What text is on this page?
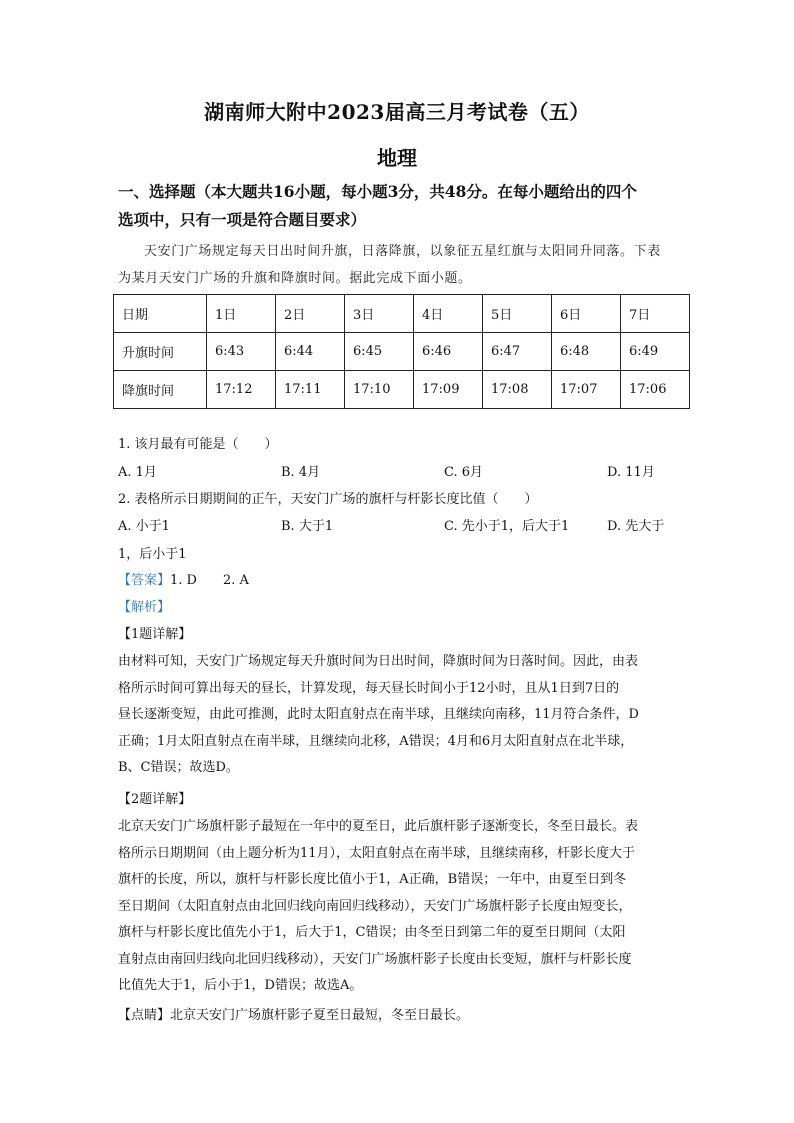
湖南师大附中2023届高三月考试卷（五）
地理
一、选择题（本大题共16小题，每小题3分，共48分。在每小题给出的四个
选项中，只有一项是符合题目要求）
天安门广场规定每天日出时间升旗，日落降旗，以象征五星红旗与太阳同升同落。下表
为某月天安门广场的升旗和降旗时间。据此完成下面小题。
日期	1日	2日	3日	4日	5日	6日	7日
升旗时间	6:43	6:44	6:45	6:46	6:47	6:48	6:49
降旗时间	17:12	17:11	17:10	17:09	17:08	17:07	17:06
1. 该月最有可能是（　　）
A. 1月	B. 4月	C. 6月	D. 11月
2. 表格所示日期期间的正午，天安门广场的旗杆与杆影长度比值（　　）
A. 小于1	B. 大于1	C. 先小于1，后大于1	D. 先大于
1，后小于1
【答案】1. D　　2. A
【解析】
【1题详解】
由材料可知，天安门广场规定每天升旗时间为日出时间，降旗时间为日落时间。因此，由表
格所示时间可算出每天的昼长，计算发现，每天昼长时间小于12小时，且从1日到7日的
昼长逐渐变短，由此可推测，此时太阳直射点在南半球，且继续向南移，11月符合条件，D
正确；1月太阳直射点在南半球，且继续向北移，A错误；4月和6月太阳直射点在北半球，
B、C错误；故选D。
【2题详解】
北京天安门广场旗杆影子最短在一年中的夏至日，此后旗杆影子逐渐变长，冬至日最长。表
格所示日期期间（由上题分析为11月），太阳直射点在南半球，且继续南移，杆影长度大于
旗杆的长度，所以，旗杆与杆影长度比值小于1，A正确，B错误；一年中，由夏至日到冬
至日期间（太阳直射点由北回归线向南回归线移动），天安门广场旗杆影子长度由短变长，
旗杆与杆影长度比值先小于1，后大于1，C错误；由冬至日到第二年的夏至日期间（太阳
直射点由南回归线向北回归线移动），天安门广场旗杆影子长度由长变短，旗杆与杆影长度
比值先大于1，后小于1，D错误；故选A。
【点睛】北京天安门广场旗杆影子夏至日最短，冬至日最长。
